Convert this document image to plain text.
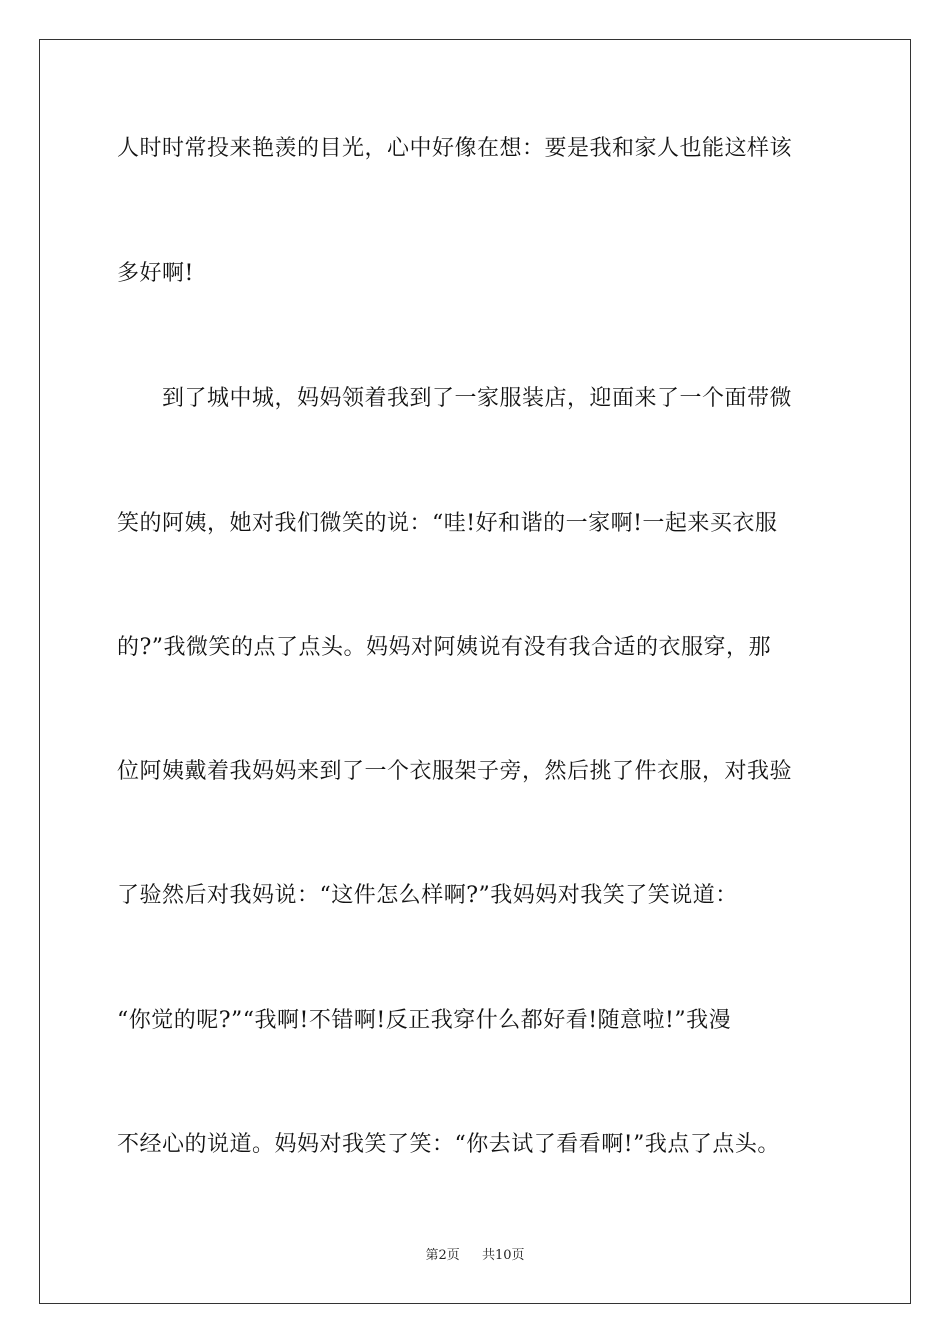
人时时常投来艳羡的目光，心中好像在想：要是我和家人也能这样该
多好啊!
　　到了城中城，妈妈领着我到了一家服装店，迎面来了一个面带微
笑的阿姨，她对我们微笑的说：“哇!好和谐的一家啊!一起来买衣服
的?”我微笑的点了点头。妈妈对阿姨说有没有我合适的衣服穿，那
位阿姨戴着我妈妈来到了一个衣服架子旁，然后挑了件衣服，对我验
了验然后对我妈说：“这件怎么样啊?”我妈妈对我笑了笑说道：
“你觉的呢?”“我啊!不错啊!反正我穿什么都好看!随意啦!”我漫
不经心的说道。妈妈对我笑了笑：“你去试了看看啊!”我点了点头。
第2页 共10页
